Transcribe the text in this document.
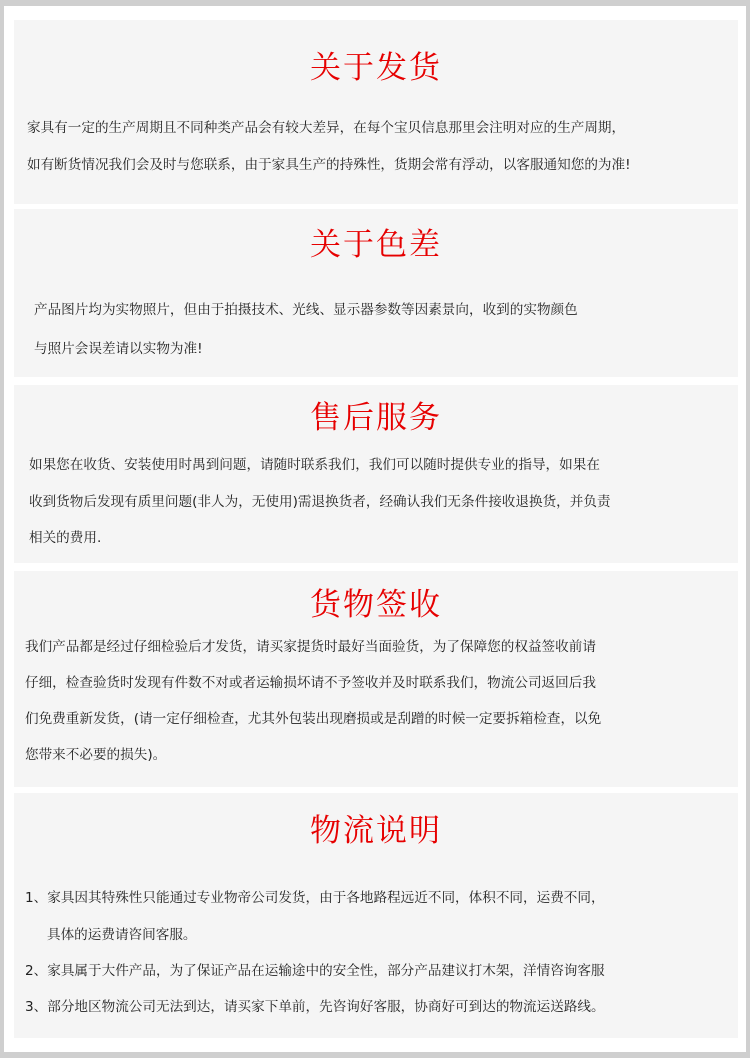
关于发货
家具有一定的生产周期且不同种类产品会有较大差异，在每个宝贝信息那里会注明对应的生产周期，
如有断货情况我们会及时与您联系，由于家具生产的持殊性，货期会常有浮动，以客服通知您的为准!
关于色差
产品图片均为实物照片，但由于拍摄技术、光线、显示器参数等因素景向，收到的实物颜色
与照片会误差请以实物为准!
售后服务
如果您在收货、安装使用时禺到问题，请随时联系我们，我们可以随时提供专业的指导，如果在
收到货物后发现有质里问题(非人为，无使用)需退换货者，经确认我们无条件接收退换货，并负责
相关的费用.
货物签收
我们产品都是经过仔细检验后才发货，请买家提货时最好当面验货，为了保障您的权益签收前请
仔细，检查验货时发现有件数不对或者运输损坏请不予签收并及时联系我们，物流公司返回后我
们免费重新发货，(请一定仔细检查，尤其外包装出现磨损或是刮蹭的时候一定要拆箱检查，以免
您带来不必要的损失)。
物流说明
1、家具因其特殊性只能通过专业物帝公司发货，由于各地路程远近不同，体积不同，运费不同，
具体的运费请咨间客服。
2、家具属于大件产品，为了保证产品在运输途中的安全性，部分产品建议打木架，洋情咨询客服
3、部分地区物流公司无法到达，请买家下单前，先咨询好客服，协商好可到达的物流运送路线。
